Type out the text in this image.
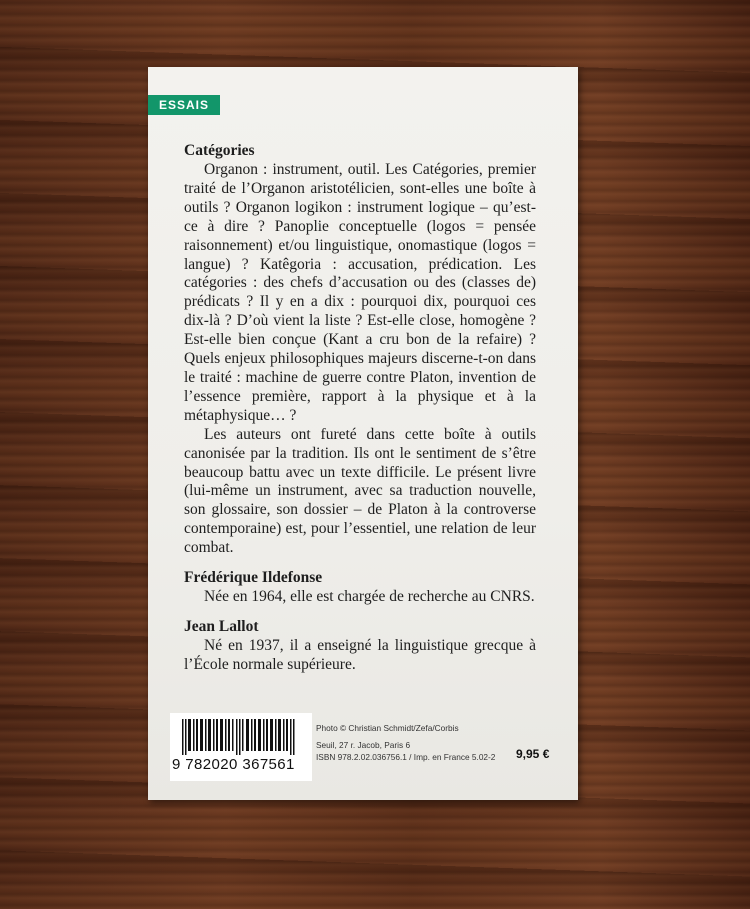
ESSAIS

Catégories

Organon : instrument, outil. Les Catégories, premier traité de l’Organon aristotélicien, sont-elles une boîte à outils ? Organon logikon : instrument logique – qu’est-ce à dire ? Panoplie conceptuelle (logos = pensée raisonnement) et/ou linguistique, onomastique (logos = langue) ? Katêgoria : accusation, prédication. Les catégories : des chefs d’accusation ou des (classes de) prédicats ? Il y en a dix : pourquoi dix, pourquoi ces dix-là ? D’où vient la liste ? Est-elle close, homogène ? Est-elle bien conçue (Kant a cru bon de la refaire) ? Quels enjeux philosophiques majeurs discerne-t-on dans le traité : machine de guerre contre Platon, invention de l’essence première, rapport à la physique et à la métaphysique… ?

Les auteurs ont fureté dans cette boîte à outils canonisée par la tradition. Ils ont le sentiment de s’être beaucoup battu avec un texte difficile. Le présent livre (lui-même un instrument, avec sa traduction nouvelle, son glossaire, son dossier – de Platon à la controverse contemporaine) est, pour l’essentiel, une relation de leur combat.

Frédérique Ildefonse

Née en 1964, elle est chargée de recherche au CNRS.

Jean Lallot

Né en 1937, il a enseigné la linguistique grecque à l’École normale supérieure.

9 782020 367561
Photo © Christian Schmidt/Zefa/Corbis
Seuil, 27 r. Jacob, Paris 6
ISBN 978.2.02.036756.1 / Imp. en France 5.02-2	9,95 €
